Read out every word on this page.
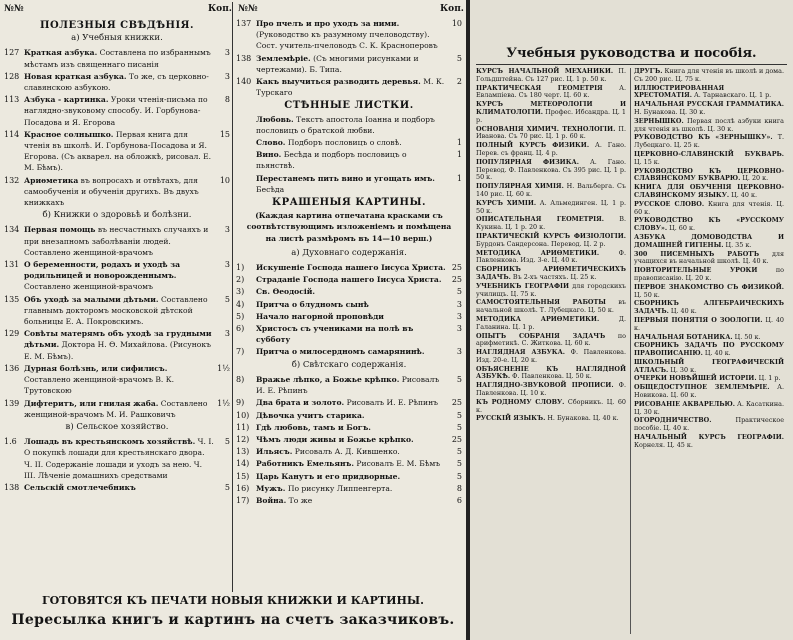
№№	Коп. №№	Коп.
ПОЛЕЗНЫЯ СВѢДѢНІЯ.
а) Учебныя книжки.
127 Краткая азбука. Составлена по избраннымъ мѣстамъ изъ священнаго писанія
3
128 Новая краткая азбука. То же, съ церковно-славянскою азбукою.
3
113 Азбука - картинка. Уроки чтенія-письма по наглядно-звуковому способу. И. Горбунова-Посадова и Я. Егорова
8
114 Красное солнышко. Первая книга для чтенія въ школѣ. И. Горбунова-Посадова и Я. Егорова. (Съ акварел. на обложкѣ, рисовал. Е. М. Бѣмъ).
15
132 Ариѳметика въ вопросахъ и отвѣтахъ, для самообученія и обученія другихъ. Въ двухъ книжкахъ
10
б) Книжки о здоровьѣ и болѣзни.
134 Первая помощь въ несчастныхъ случаяхъ и при внезапномъ заболѣваніи людей. Составлено женщиной-врачомъ
3
131 О беременности, родахъ и уходѣ за родильницей и новорожденнымъ. Составлено женщиной-врачомъ
3
135 Объ уходѣ за малыми дѣтьми. Составлено главнымъ докторомъ московской дѣтской больницы Е. А. Покровскимъ.
5
129 Совѣты матерямъ объ уходѣ за грудными дѣтьми. Доктора Н. Ѳ. Михайлова. (Рисунокъ Е. М. Бѣмъ).
3
136 Дурная болѣзнь, или сифилисъ. Составлено женщиной-врачомъ В. К. Трутовскою
1½
139 Дифтеритъ, или гнилая жаба. Составлено женщиной-врачомъ М. И. Рашковичъ
1½
в) Сельское хозяйство.
1.6 Лошадь въ крестьянскомъ хозяйствѣ. Ч. І. О покупкѣ лошади для крестьянскаго двора. Ч. ІІ. Содержаніе лошади и уходъ за нею. Ч. ІІІ. Лѣченіе домашнихъ средствами
5
138 Сельскій смотлечебникъ	5
137 Про пчелъ и про уходъ за ними. (Руководство къ разумному пчеловодству). Сост. учитель-пчеловодъ С. К. Красноперовъ
10
138 Землемѣріе. (Съ многими рисунками и чертежами). Б. Типа.
5
140 Какъ выучиться разводить деревья. М. К. Турскаго
2
СТѢННЫЕ ЛИСТКИ.
Любовь. Текстъ апостола Іоанна и подборъ пословицъ о братской любви.
Слово. Подборъ пословицъ о словѣ.	1
Вино. Бесѣда и подборъ пословицъ о пьянствѣ.
1
Перестанемъ пить вино и угощать имъ. Бесѣда
1
КРАШЕНЫЯ КАРТИНЫ.
(Каждая картина отпечатана красками съ соотвѣтствующимъ изложеніемъ и помѣщена на листѣ размѣромъ въ 14—10 верш.)
а) Духовнаго содержанія.
1)	Искушеніе Господа нашего Іисуса Христа. 25
2)	Страданіе Господа нашего Іисуса Христа.	25
3)	Св. Ѳеодосій.	5
4)	Притча о блудномъ сынѣ	3
5)	Начало нагорной проповѣди	3
6)	Христосъ съ учениками на полѣ въ субботу
3
7)	Притча о милосердномъ самарянинѣ.	3
б) Свѣтскаго содержанія.
8)	Вражье лѣпко, а Божье крѣпко. Рисовалъ И. Е. Рѣпинъ
5
9)	Два брата и золото. Рисовалъ И. Е. Рѣпинъ	25
10) Дѣвочка учитъ старика.	5
11) Гдѣ любовь, тамъ и Богъ.	5
12) Чѣмъ люди живы и Божье крѣпко.	25
13) Ильясъ. Рисовалъ А. Д. Кившенко.	5
14) Работникъ Емельянъ. Рисовалъ Е. М. Бѣмъ	5
15) Царь Канутъ и его придворные.	5
16) Мужъ. По рисунку Липпенгерта.	8
17) Война. То же	6
ГОТОВЯТСЯ КЪ ПЕЧАТИ НОВЫЯ КНИЖКИ И КАРТИНЫ.
Пересылка книгъ и картинъ на счетъ заказчиковъ.
Учебныя руководства и пособія.

КУРСЪ НАЧАЛЬНОЙ МЕХАНИКИ. П. Гольдштейна. Съ 127 рис. Ц. 1 р. 50 к.

ПРАКТИЧЕСКАЯ ГЕОМЕТРІЯ А. Евлампіева. Съ 180 черт. Ц. 60 к.

КУРСЪ МЕТЕОРОЛОГІИ И КЛИМАТОЛОГІИ. Профес. Ибсандра. Ц. 1 р.

ОСНОВАНІЯ ХИМИЧ. ТЕХНОЛОГІИ. П. Иванова. Съ 70 рис. Ц. 1 р. 60 к.

ПОЛНЫЙ КУРСЪ ФИЗИКИ. А. Гано. Перев. съ франц. Ц. 4 р.

ПОПУЛЯРНАЯ ФИЗИКА. А. Гано. Перевод. Ф. Павленкова. Съ 395 рис. Ц. 1 р. 50 к.

ПОПУЛЯРНАЯ ХИМІЯ. Н. Вальберга. Съ 140 рис. Ц. 60 к.

КУРСЪ ХИМІИ. А. Альмединген. Ц. 1 р. 50 к.

ОПИСАТЕЛЬНАЯ ГЕОМЕТРІЯ. В. Кукина. Ц. 1 р. 20 к.

ПРАКТИЧЕСКІЙ КУРСЪ ФИЗІОЛОГІИ. Бурдонъ Сандерсона. Перевод. Ц. 2 р.

МЕТОДИКА АРИѲМЕТИКИ. Ф. Павленкова. Изд. 3-е. Ц. 40 к.

СБОРНИКЪ АРИѲМЕТИЧЕСКИХЪ ЗАДАЧЪ. Въ 2-хъ частяхъ. Ц. 25 к.

УЧЕБНИКЪ ГЕОГРАФІИ для городскихъ училищъ. Ц. 75 к.

САМОСТОЯТЕЛЬНЫЯ РАБОТЫ въ начальной школѣ. Т. Лубецкаго. Ц. 50 к.

МЕТОДИКА АРИѲМЕТИКИ. Д. Галанина. Ц. 1 р.

ОПЫТЪ СОБРАНІЯ ЗАДАЧЪ по арифметикѣ. С. Житкова. Ц. 60 к.

НАГЛЯДНАЯ АЗБУКА. Ф. Павленкова. Изд. 20-е. Ц. 20 к.

ОБЪЯСНЕНІЕ КЪ НАГЛЯДНОЙ АЗБУКѢ. Ф. Павленкова. Ц. 50 к.

НАГЛЯДНО-ЗВУКОВОЙ ПРОПИСИ. Ф. Павленкова. Ц. 10 к.

КЪ РОДНОМУ СЛОВУ. Сборникъ. Ц. 60 к.

РУССКІЙ ЯЗЫКЪ. Н. Бунакова. Ц. 40 к.

ДРУГЪ. Книга для чтенія въ школѣ и дома. Съ 200 рис. Ц. 75 к.

ИЛЛЮСТРИРОВАННАЯ ХРЕСТОМАТІЯ. А. Тарнавскаго. Ц. 1 р.

НАЧАЛЬНАЯ РУССКАЯ ГРАММАТИКА. Н. Бунакова. Ц. 30 к.

ЗЕРНЫШКО. Первая послѣ азбуки книга для чтенія въ школѣ. Ц. 30 к.

РУКОВОДСТВО КЪ «ЗЕРНЫШКУ». Т. Лубецкаго. Ц. 25 к.

ЦЕРКОВНО-СЛАВЯНСКІЙ БУКВАРЬ. Ц. 15 к.

РУКОВОДСТВО КЪ ЦЕРКОВНО-СЛАВЯНСКОМУ БУКВАРЮ. Ц. 20 к.

КНИГА ДЛЯ ОБУЧЕНІЯ ЦЕРКОВНО-СЛАВЯНСКОМУ ЯЗЫКУ. Ц. 40 к.

РУССКОЕ СЛОВО. Книга для чтенія. Ц. 60 к.

РУКОВОДСТВО КЪ «РУССКОМУ СЛОВУ». Ц. 60 к.

АЗБУКА ДОМОВОДСТВА И ДОМАШНЕЙ ГИГІЕНЫ. Ц. 35 к.

300 ПИСЕМНЫХЪ РАБОТЪ для учащихся въ начальной школѣ. Ц. 40 к.

ПОВТОРИТЕЛЬНЫЕ УРОКИ по правописанію. Ц. 20 к.

ПЕРВОЕ ЗНАКОМСТВО СЪ ФИЗИКОЙ. Ц. 50 к.

СБОРНИКЪ АЛГЕБРАИЧЕСКИХЪ ЗАДАЧЪ. Ц. 40 к.

ПЕРВЫЯ ПОНЯТІЯ О ЗООЛОГІИ. Ц. 40 к.

НАЧАЛЬНАЯ БОТАНИКА. Ц. 50 к.

СБОРНИКЪ ЗАДАЧЪ ПО РУССКОМУ ПРАВОПИСАНІЮ. Ц. 40 к.

ШКОЛЬНЫЙ ГЕОГРАФИЧЕСКІЙ АТЛАСЪ. Ц. 30 к.

ОЧЕРКИ НОВѢЙШЕЙ ИСТОРІИ. Ц. 1 р.

ОБЩЕДОСТУПНОЕ ЗЕМЛЕМѢРІЕ. А. Новикова. Ц. 60 к.

РИСОВАНІЕ АКВАРЕЛЬЮ. А. Касаткина. Ц. 30 к.

ОГОРОДНИЧЕСТВО. Практическое пособіе. Ц. 40 к.

НАЧАЛЬНЫЙ КУРСЪ ГЕОГРАФІИ. Корнеля. Ц. 45 к.
